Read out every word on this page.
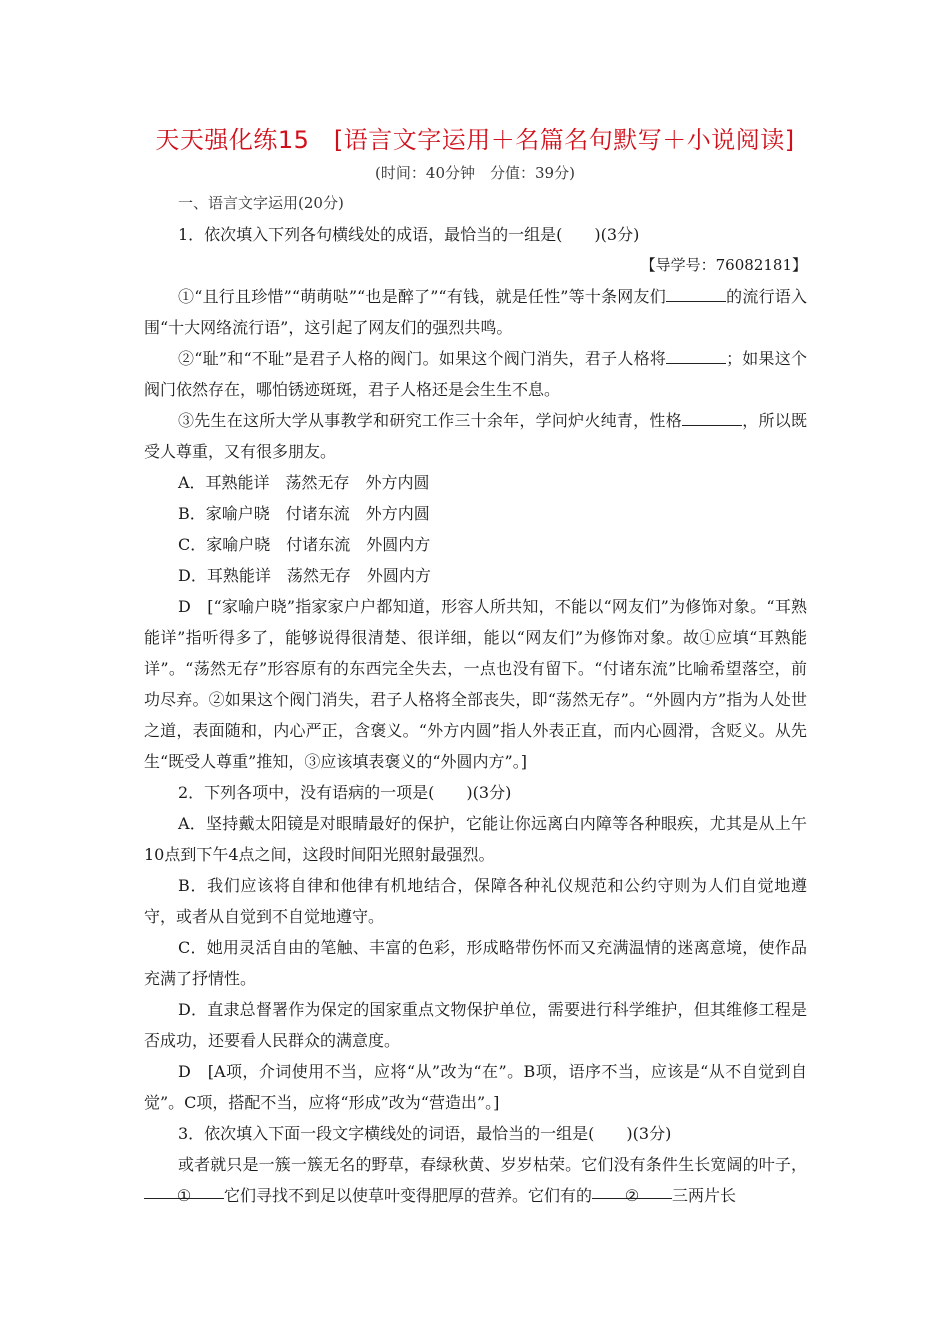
天天强化练15　[语言文字运用＋名篇名句默写＋小说阅读]
(时间：40分钟　分值：39分)

一、语言文字运用(20分)

1．依次填入下列各句横线处的成语，最恰当的一组是(　　)(3分)

【导学号：76082181】

①“且行且珍惜”“萌萌哒”“也是醉了”“有钱，就是任性”等十条网友们	的流行语入围“十大网络流行语”，这引起了网友们的强烈共鸣。

②“耻”和“不耻”是君子人格的阀门。如果这个阀门消失，君子人格将	；如果这个阀门依然存在，哪怕锈迹斑斑，君子人格还是会生生不息。

③先生在这所大学从事教学和研究工作三十余年，学问炉火纯青，性格	，所以既受人尊重，又有很多朋友。

A．耳熟能详　荡然无存　外方内圆

B．家喻户晓　付诸东流　外方内圆

C．家喻户晓　付诸东流　外圆内方

D．耳熟能详　荡然无存　外圆内方

D　[“家喻户晓”指家家户户都知道，形容人所共知，不能以“网友们”为修饰对象。“耳熟能详”指听得多了，能够说得很清楚、很详细，能以“网友们”为修饰对象。故①应填“耳熟能详”。“荡然无存”形容原有的东西完全失去，一点也没有留下。“付诸东流”比喻希望落空，前功尽弃。②如果这个阀门消失，君子人格将全部丧失，即“荡然无存”。“外圆内方”指为人处世之道，表面随和，内心严正，含褒义。“外方内圆”指人外表正直，而内心圆滑，含贬义。从先生“既受人尊重”推知，③应该填表褒义的“外圆内方”。]

2．下列各项中，没有语病的一项是(　　)(3分)

A．坚持戴太阳镜是对眼睛最好的保护，它能让你远离白内障等各种眼疾，尤其是从上午10点到下午4点之间，这段时间阳光照射最强烈。

B．我们应该将自律和他律有机地结合，保障各种礼仪规范和公约守则为人们自觉地遵守，或者从自觉到不自觉地遵守。

C．她用灵活自由的笔触、丰富的色彩，形成略带伤怀而又充满温情的迷离意境，使作品充满了抒情性。

D．直隶总督署作为保定的国家重点文物保护单位，需要进行科学维护，但其维修工程是否成功，还要看人民群众的满意度。

D　[A项，介词使用不当，应将“从”改为“在”。B项，语序不当，应该是“从不自觉到自觉”。C项，搭配不当，应将“形成”改为“营造出”。]

3．依次填入下面一段文字横线处的词语，最恰当的一组是(　　)(3分)

或者就只是一簇一簇无名的野草，春绿秋黄、岁岁枯荣。它们没有条件生长宽阔的叶子，① 它们寻找不到足以使草叶变得肥厚的营养。它们有的 ② 三两片长
